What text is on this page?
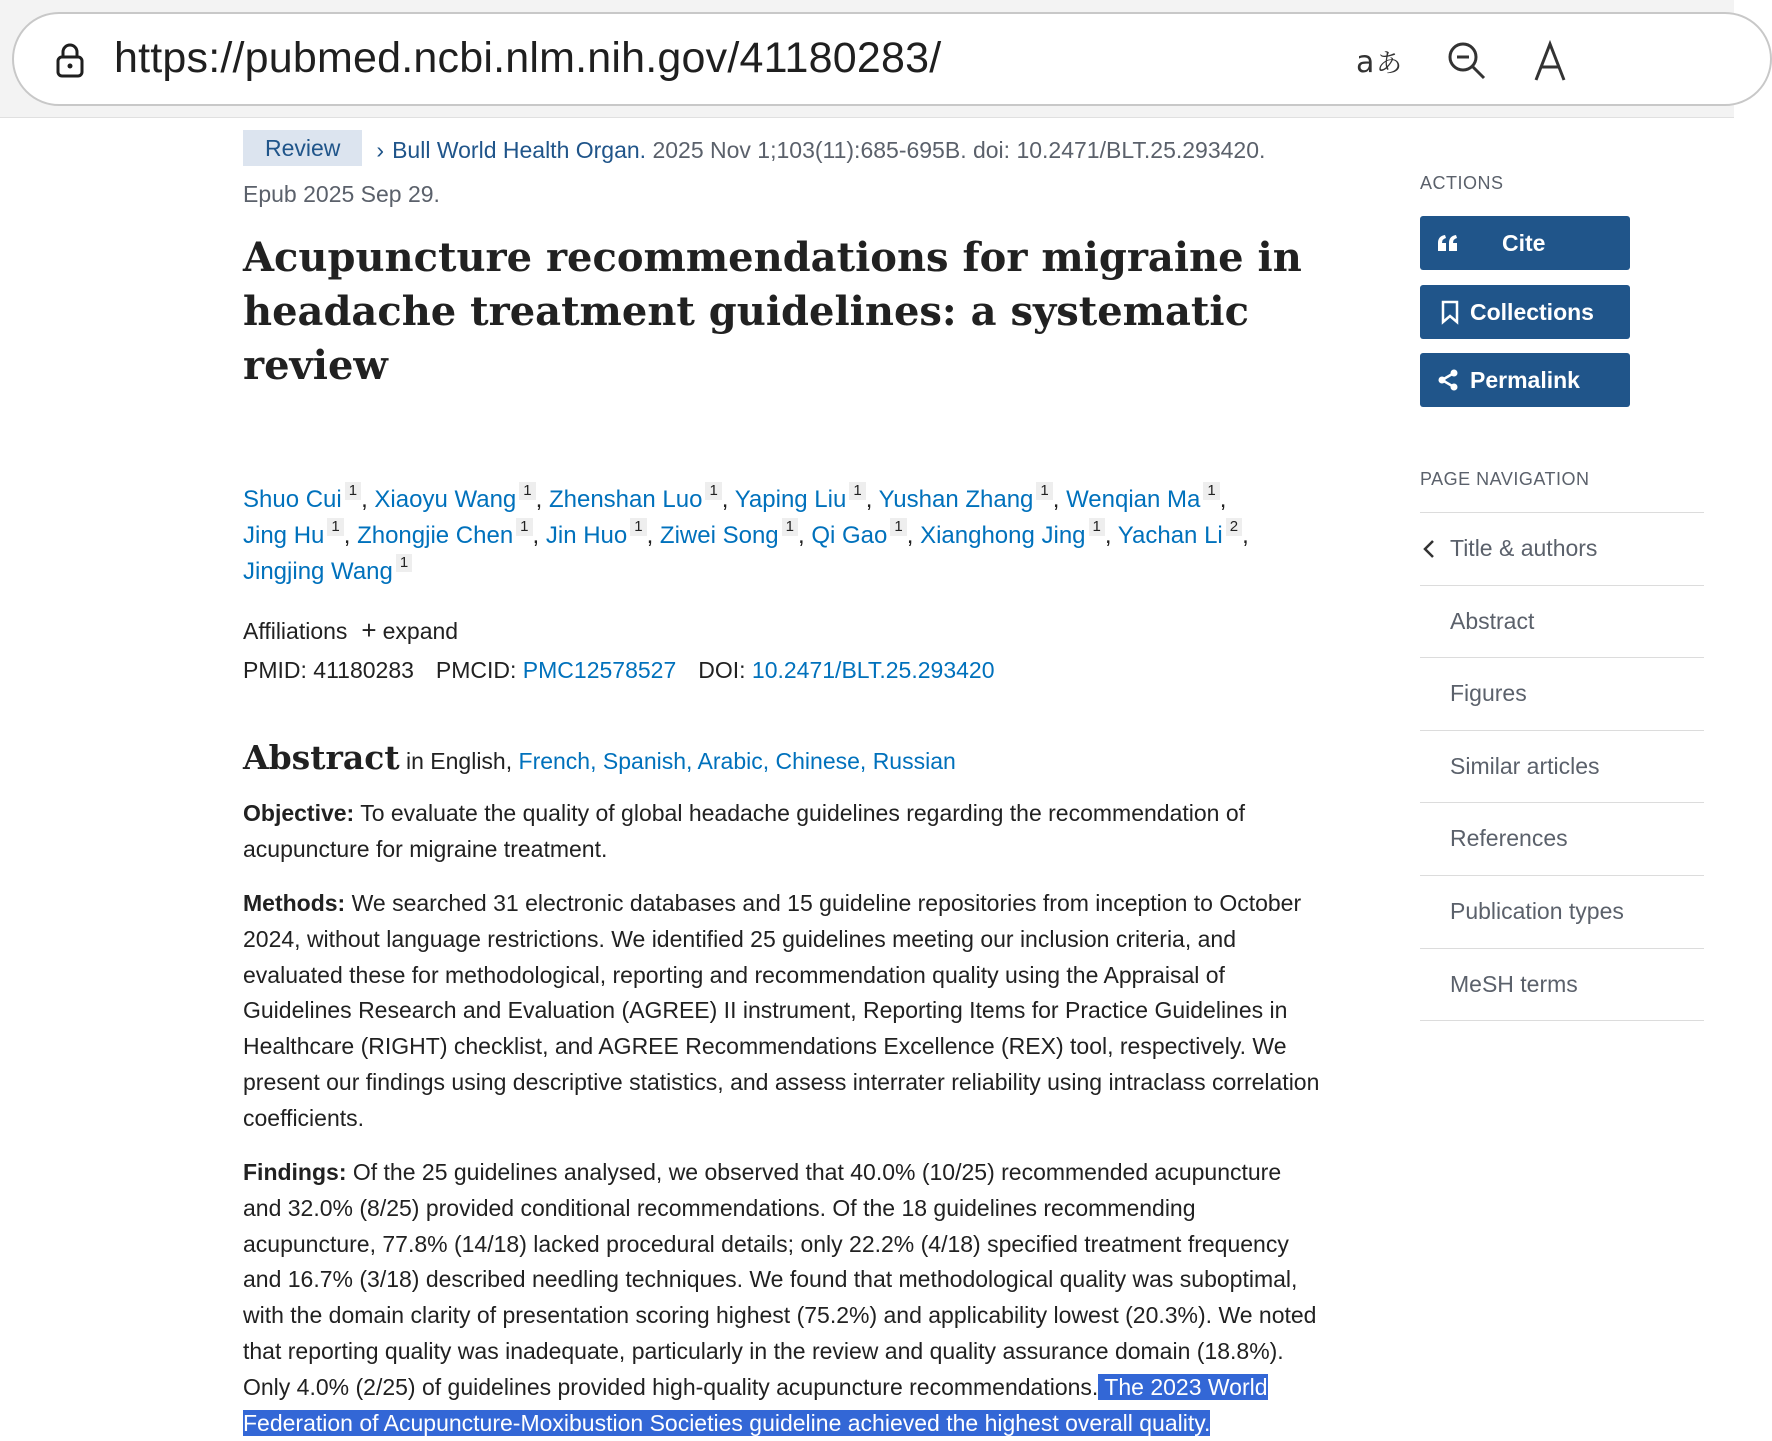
https://pubmed.ncbi.nlm.nih.gov/41180283/	a あ
Review › Bull World Health Organ. 2025 Nov 1;103(11):685-695B. doi: 10.2471/BLT.25.293420.
Epub 2025 Sep 29.
Acupuncture recommendations for migraine in headache treatment guidelines: a systematic review
Shuo Cui $^1$ , Xiaoyu Wang $^1$ , Zhenshan Luo $^1$ , Yaping Liu $^1$ , Yushan Zhang $^1$ , Wenqian Ma $^1$ ,
Jing Hu $^1$ , Zhongjie Chen $^1$ , Jin Huo $^1$ , Ziwei Song $^1$ , Qi Gao $^1$ , Xianghong Jing $^1$ , Yachan Li $^2$ ,
Jingjing Wang $^1$
Affiliations + expand
PMID: 41180283 PMCID: PMC12578527 DOI: 10.2471/BLT.25.293420
Abstract in English, French, Spanish, Arabic, Chinese, Russian

Objective: To evaluate the quality of global headache guidelines regarding the recommendation of acupuncture for migraine treatment.

Methods: We searched 31 electronic databases and 15 guideline repositories from inception to October 2024, without language restrictions. We identified 25 guidelines meeting our inclusion criteria, and evaluated these for methodological, reporting and recommendation quality using the Appraisal of Guidelines Research and Evaluation (AGREE) II instrument, Reporting Items for Practice Guidelines in Healthcare (RIGHT) checklist, and AGREE Recommendations Excellence (REX) tool, respectively. We present our findings using descriptive statistics, and assess interrater reliability using intraclass correlation coefficients.

Findings: Of the 25 guidelines analysed, we observed that 40.0% (10/25) recommended acupuncture and 32.0% (8/25) provided conditional recommendations. Of the 18 guidelines recommending acupuncture, 77.8% (14/18) lacked procedural details; only 22.2% (4/18) specified treatment frequency and 16.7% (3/18) described needling techniques. We found that methodological quality was suboptimal, with the domain clarity of presentation scoring highest (75.2%) and applicability lowest (20.3%). We noted that reporting quality was inadequate, particularly in the review and quality assurance domain (18.8%). Only 4.0% (2/25) of guidelines provided high-quality acupuncture recommendations. The 2023 World Federation of Acupuncture-Moxibustion Societies guideline achieved the highest overall quality.

ACTIONS
Cite
Collections
Permalink
PAGE NAVIGATION
Title & authors
Abstract
Figures
Similar articles
References
Publication types
MeSH terms
